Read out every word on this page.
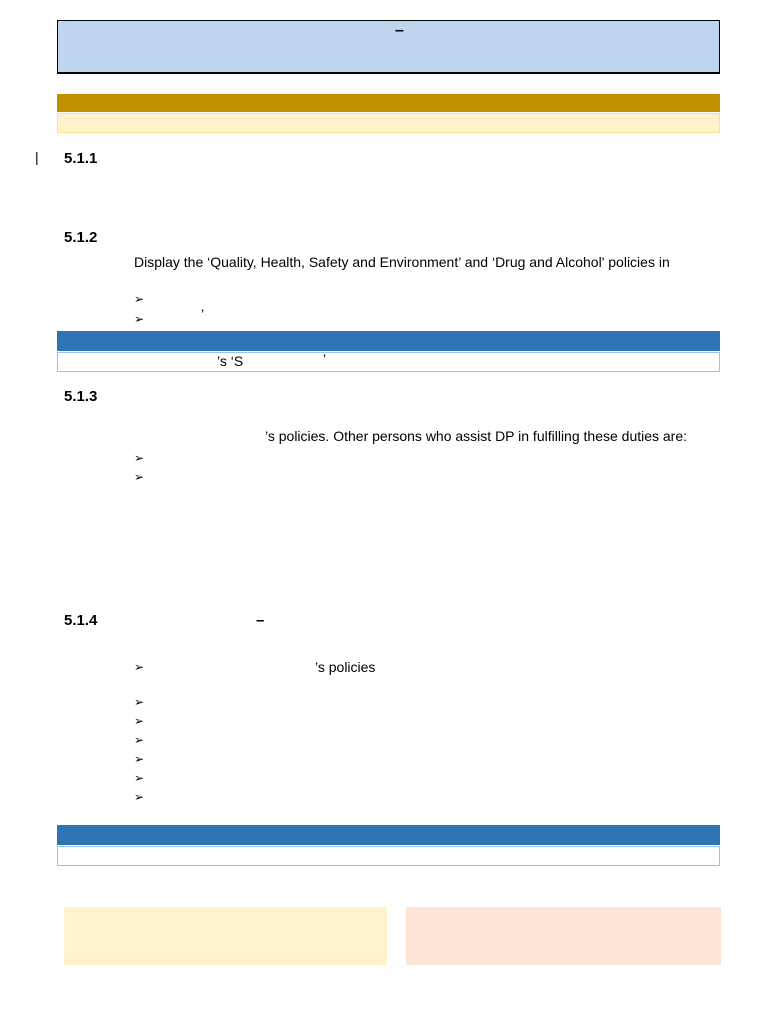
–
| 5.1.1
5.1.2
Display the ‘Quality, Health, Safety and Environment’ and ‘Drug and Alcohol' policies in
➢
➢	’
’s ‘S	’
5.1.3
’s policies. Other persons who assist DP in fulfilling these duties are:
➢
➢
5.1.4	–
➢	’s policies
➢
➢
➢
➢
➢
➢
